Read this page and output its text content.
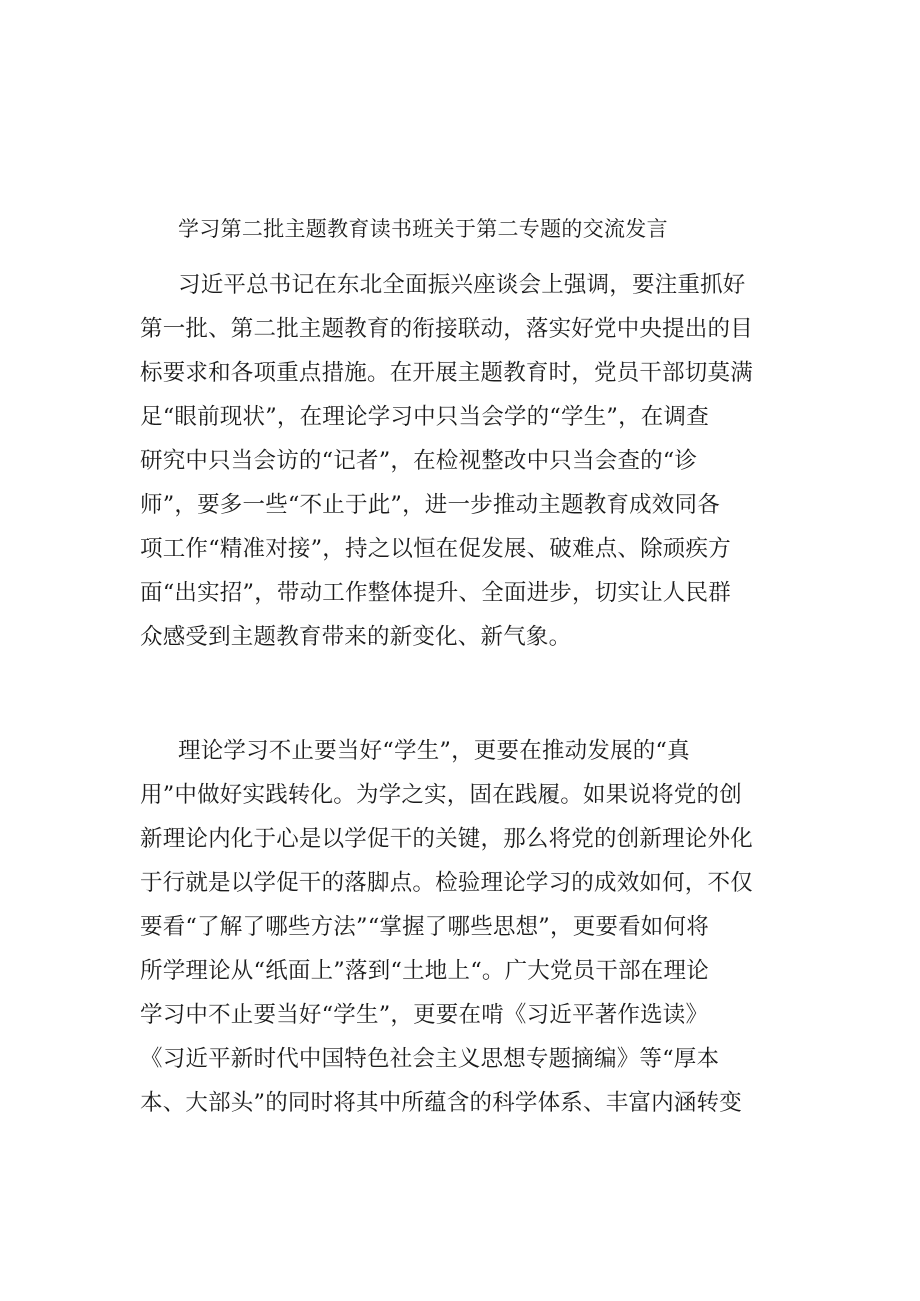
学习第二批主题教育读书班关于第二专题的交流发言
习近平总书记在东北全面振兴座谈会上强调，要注重抓好
第一批、第二批主题教育的衔接联动，落实好党中央提出的目
标要求和各项重点措施。在开展主题教育时，党员干部切莫满
足“眼前现状”，在理论学习中只当会学的“学生”，在调查
研究中只当会访的“记者”，在检视整改中只当会查的“诊
师”，要多一些“不止于此”，进一步推动主题教育成效同各
项工作“精准对接”，持之以恒在促发展、破难点、除顽疾方
面“出实招”，带动工作整体提升、全面进步，切实让人民群
众感受到主题教育带来的新变化、新气象。
理论学习不止要当好“学生”，更要在推动发展的“真
用”中做好实践转化。为学之实，固在践履。如果说将党的创
新理论内化于心是以学促干的关键，那么将党的创新理论外化
于行就是以学促干的落脚点。检验理论学习的成效如何，不仅
要看“了解了哪些方法”“掌握了哪些思想”，更要看如何将
所学理论从“纸面上”落到“土地上“。广大党员干部在理论
学习中不止要当好“学生”，更要在啃《习近平著作选读》
《习近平新时代中国特色社会主义思想专题摘编》等“厚本
本、大部头”的同时将其中所蕴含的科学体系、丰富内涵转变
